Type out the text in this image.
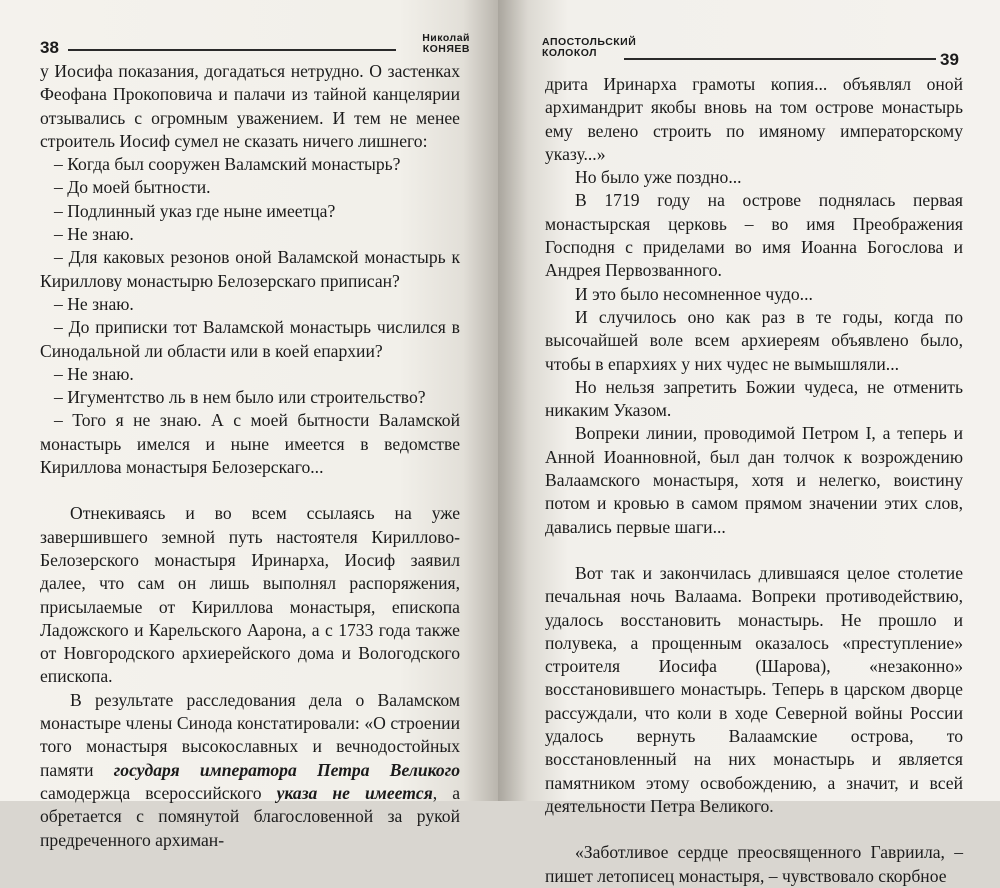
38	Николай
КОНЯЕВ

у Иосифа показания, догадаться нетрудно. О застенках Феофана Прокоповича и палачи из тайной канцелярии отзывались с огромным уважением. И тем не менее строитель Иосиф сумел не сказать ничего лишнего:

– Когда был сооружен Валамский монастырь?

– До моей бытности.

– Подлинный указ где ныне имеетца?

– Не знаю.

– Для каковых резонов оной Валамской монастырь к Кириллову монастырю Белозерскаго приписан?

– Не знаю.

– До приписки тот Валамской монастырь числился в Синодальной ли области или в коей епархии?

– Не знаю.

– Игументство ль в нем было или строительство?

– Того я не знаю. А с моей бытности Валамской монастырь имелся и ныне имеется в ведомстве Кириллова монастыря Белозерскаго...

Отнекиваясь и во всем ссылаясь на уже завершившего земной путь настоятеля Кириллово-Белозерского монастыря Иринарха, Иосиф заявил далее, что сам он лишь выполнял распоряжения, присылаемые от Кириллова монастыря, епископа Ладожского и Карельского Аарона, а с 1733 года также от Новгородского архиерейского дома и Вологодского епископа.

В результате расследования дела о Валамском монастыре члены Синода констатировали: «О строении того монастыря высокославных и вечнодостойных памяти государя императора Петра Великого самодержца всероссийского указа не имеется, а обретается с помянутой благословенной за рукой предреченного архиман-

АПОСТОЛЬСКИЙ
КОЛОКОЛ	39

дрита Иринарха грамоты копия... объявлял оной архимандрит якобы вновь на том острове монастырь ему велено строить по имяному императорскому указу...»

Но было уже поздно...

В 1719 году на острове поднялась первая монастырская церковь – во имя Преображения Господня с приделами во имя Иоанна Богослова и Андрея Первозванного.

И это было несомненное чудо...

И случилось оно как раз в те годы, когда по высочайшей воле всем архиереям объявлено было, чтобы в епархиях у них чудес не вымышляли...

Но нельзя запретить Божии чудеса, не отменить никаким Указом.

Вопреки линии, проводимой Петром I, а теперь и Анной Иоанновной, был дан толчок к возрождению Валаамского монастыря, хотя и нелегко, воистину потом и кровью в самом прямом значении этих слов, давались первые шаги...

Вот так и закончилась длившаяся целое столетие печальная ночь Валаама. Вопреки противодействию, удалось восстановить монастырь. Не прошло и полувека, а прощенным оказалось «преступление» строителя Иосифа (Шарова), «незаконно» восстановившего монастырь. Теперь в царском дворце рассуждали, что коли в ходе Северной войны России удалось вернуть Валаамские острова, то восстановленный на них монастырь и является памятником этому освобождению, а значит, и всей деятельности Петра Великого.

«Заботливое сердце преосвященного Гавриила, – пишет летописец монастыря, – чувствовало скорбное
